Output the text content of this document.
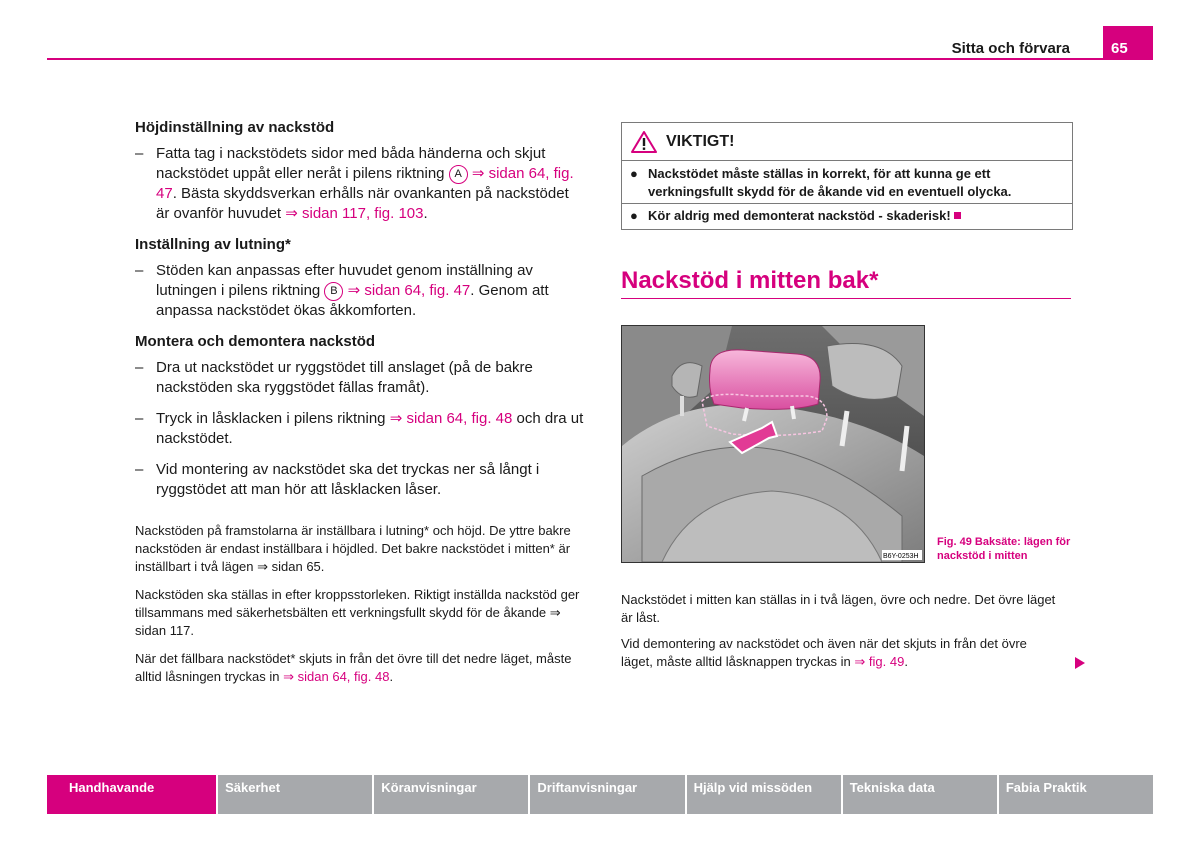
Sitta och förvara	65
Höjdinställning av nackstöd
– Fatta tag i nackstödets sidor med båda händerna och skjut nackstödet uppåt eller neråt i pilens riktning A ⇒ sidan 64, fig. 47. Bästa skyddsverkan erhålls när ovankanten på nackstödet är ovanför huvudet ⇒ sidan 117, fig. 103.
Inställning av lutning*
– Stöden kan anpassas efter huvudet genom inställning av lutningen i pilens riktning B ⇒ sidan 64, fig. 47. Genom att anpassa nackstödet ökas åkkomforten.
Montera och demontera nackstöd
– Dra ut nackstödet ur ryggstödet till anslaget (på de bakre nackstöden ska ryggstödet fällas framåt).
– Tryck in låsklacken i pilens riktning ⇒ sidan 64, fig. 48 och dra ut nackstödet.
– Vid montering av nackstödet ska det tryckas ner så långt i ryggstödet att man hör att låsklacken låser.

Nackstöden på framstolarna är inställbara i lutning* och höjd. De yttre bakre nackstöden är endast inställbara i höjdled. Det bakre nackstödet i mitten* är inställbart i två lägen ⇒ sidan 65.

Nackstöden ska ställas in efter kroppsstorleken. Riktigt inställda nackstöd ger tillsammans med säkerhetsbälten ett verkningsfullt skydd för de åkande ⇒ sidan 117.

När det fällbara nackstödet* skjuts in från det övre till det nedre läget, måste alltid låsningen tryckas in ⇒ sidan 64, fig. 48.

VIKTIGT!
● Nackstödet måste ställas in korrekt, för att kunna ge ett verkningsfullt skydd för de åkande vid en eventuell olycka.
● Kör aldrig med demonterat nackstöd - skaderisk!
Nackstöd i mitten bak*
B6Y-0253H
Fig. 49 Baksäte: lägen för nackstöd i mitten

Nackstödet i mitten kan ställas in i två lägen, övre och nedre. Det övre läget är låst.

Vid demontering av nackstödet och även när det skjuts in från det övre läget, måste alltid låsknappen tryckas in ⇒ fig. 49.

Handhavande	Säkerhet	Köranvisningar	Driftanvisningar	Hjälp vid missöden	Tekniska data	Fabia Praktik
